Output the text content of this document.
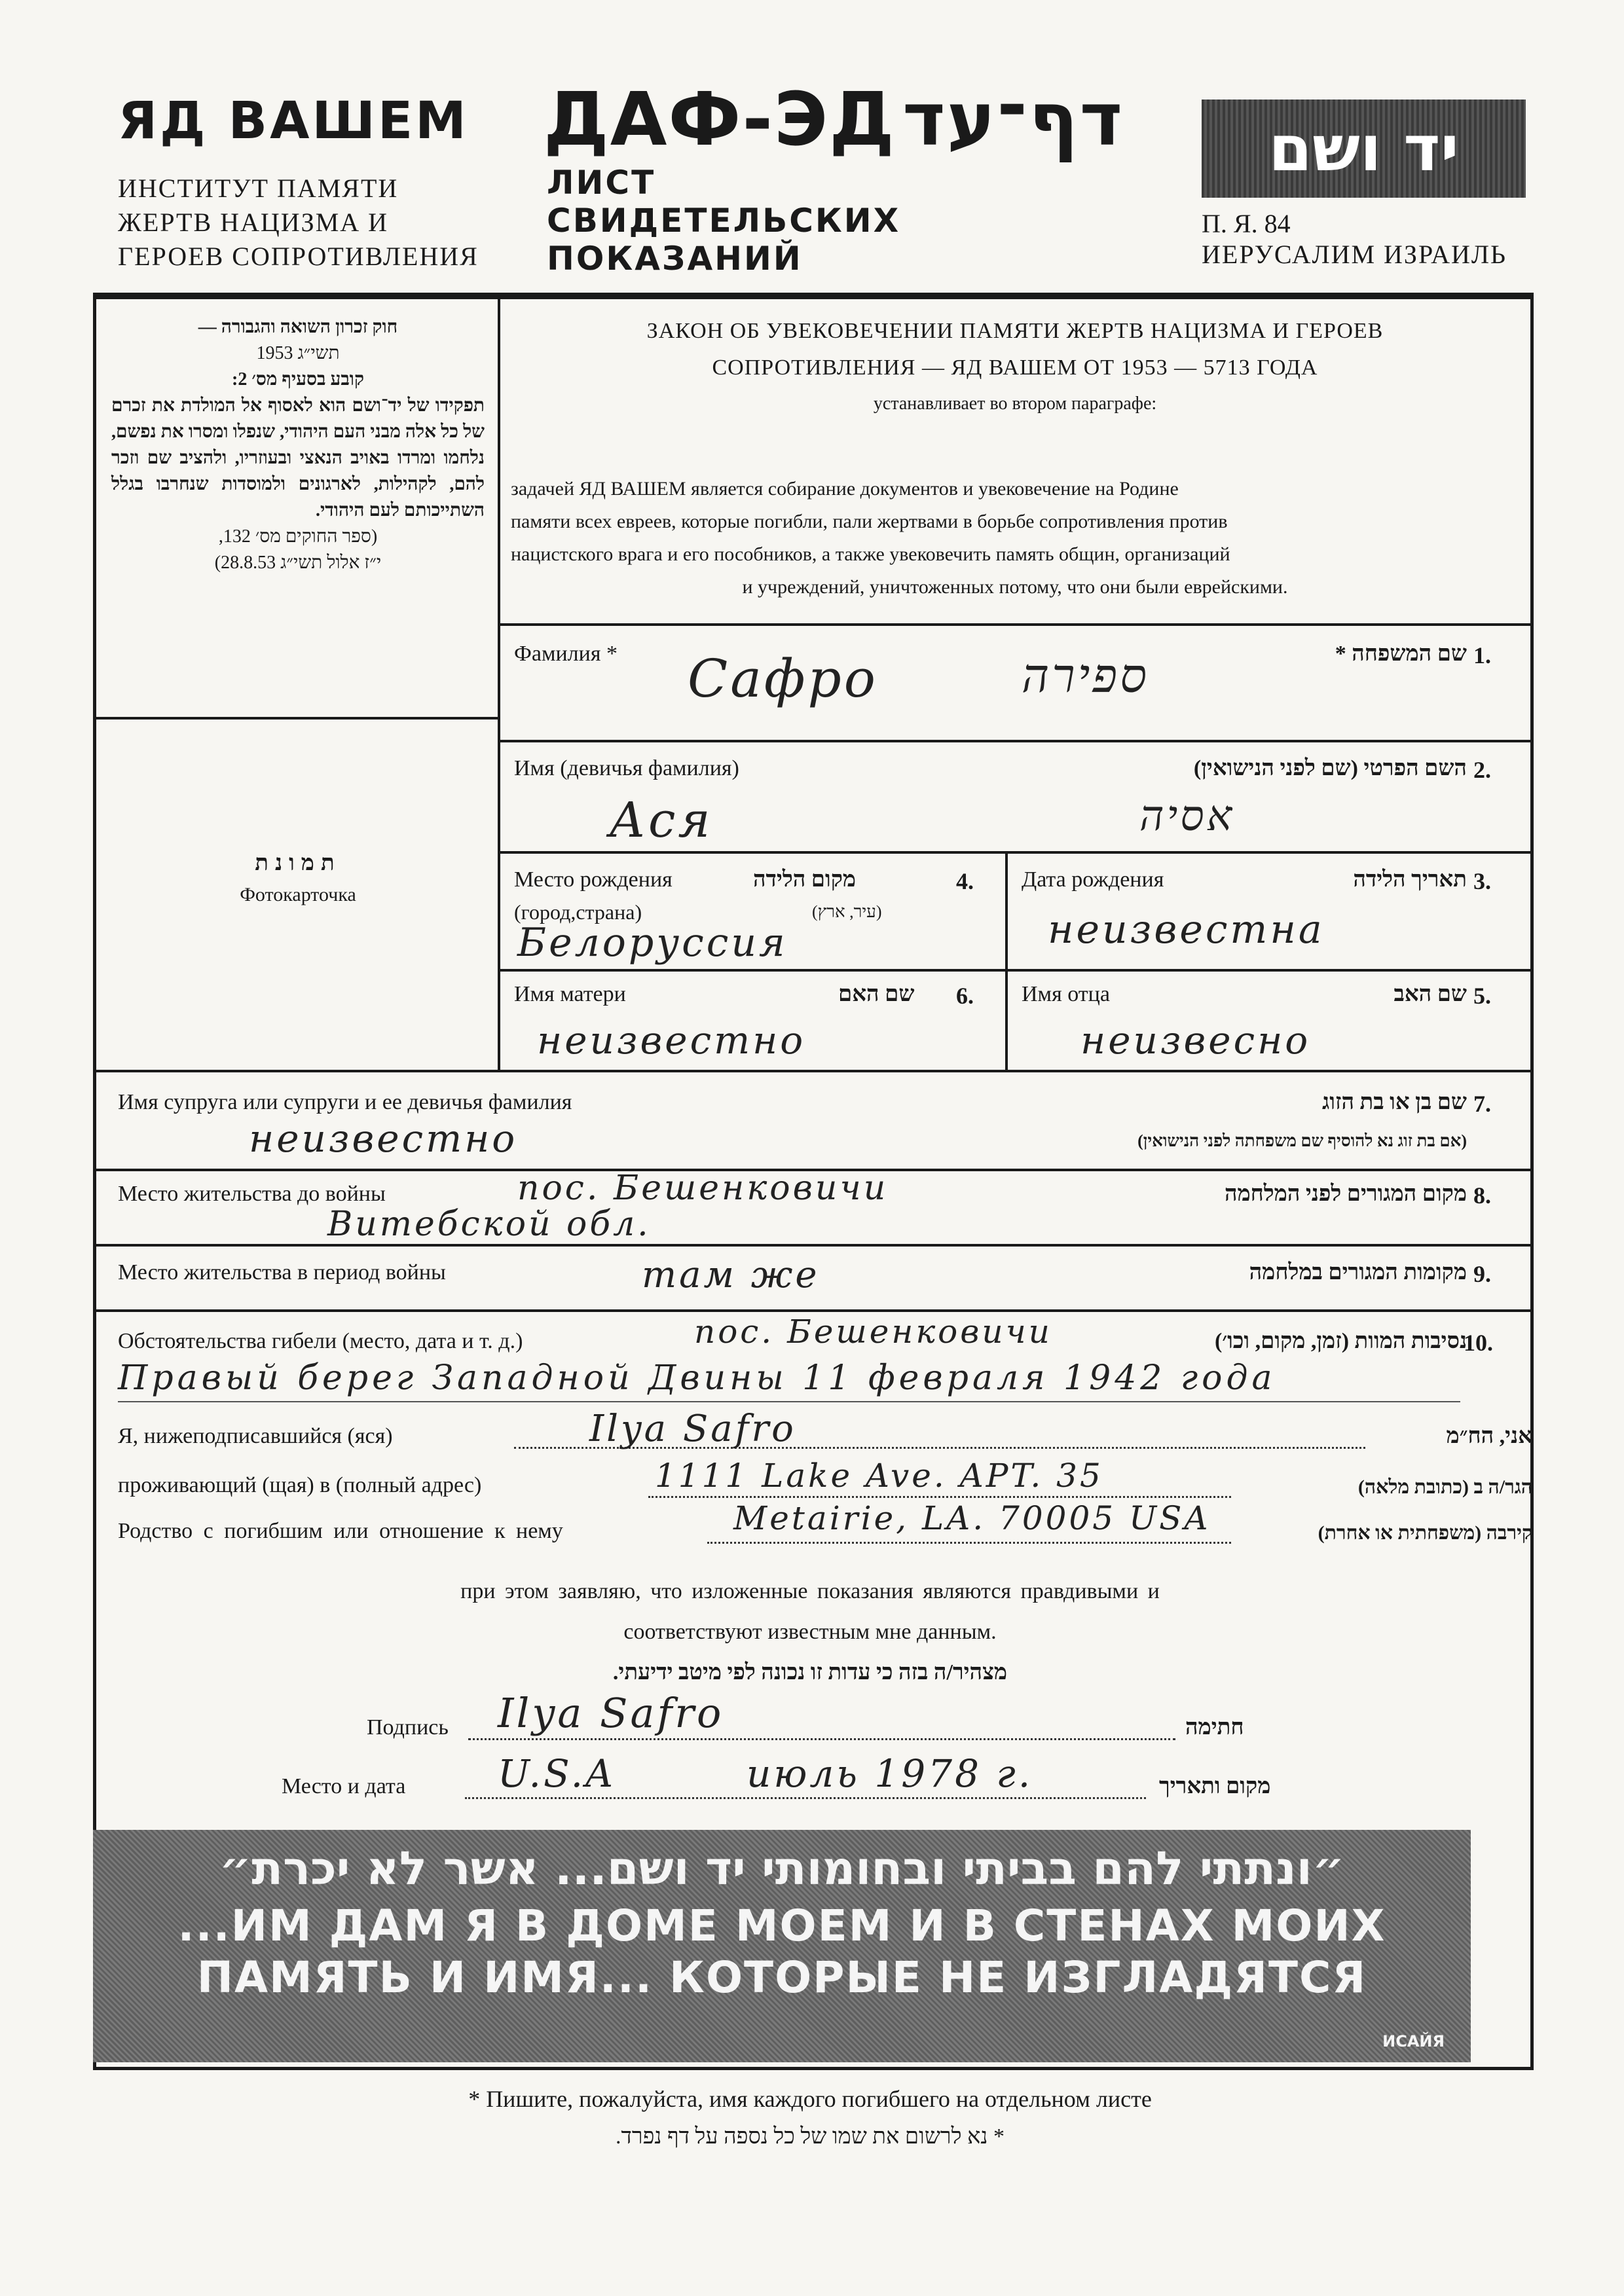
ЯД ВАШЕМ
ИНСТИТУТ ПАМЯТИ
ЖЕРТВ НАЦИЗМА И
ГЕРОЕВ СОПРОТИВЛЕНИЯ
ДАФ-ЭДדף־עד
ЛИСТ
СВИДЕТЕЛЬСКИХ
ПОКАЗАНИЙ
יד ושם
П. Я. 84
ИЕРУСАЛИМ ИЗРАИЛЬ
חוק זכרון השואה והגבורה —
תשי״ג 1953
קובע בסעיף מס׳ 2:
תפקידו של יד־ושם הוא לאסוף אל המולדת את זכרם של כל אלה מבני העם היהודי, שנפלו ומסרו את נפשם, נלחמו ומרדו באויב הנאצי ובעוזריו, ולהציב שם וזכר להם, לקהילות, לארגונים ולמוסדות שנחרבו בגלל השתייכותם לעם היהודי.
(ספר החוקים מס׳ 132,
י״ז אלול תשי״ג 28.8.53)
תמונת
Фотокарточка
ЗАКОН ОБ УВЕКОВЕЧЕНИИ ПАМЯТИ ЖЕРТВ НАЦИЗМА И ГЕРОЕВ
СОПРОТИВЛЕНИЯ — ЯД ВАШЕМ ОТ 1953 — 5713 ГОДА
устанавливает во втором параграфе:
задачей ЯД ВАШЕМ является собирание документов и увековечение на Родине
памяти всех евреев, которые погибли, пали жертвами в борьбе сопротивления против
нацистского врага и его пособников, а также увековечить память общин, организаций
и учреждений, уничтоженных потому, что они были еврейскими.
Фамилия *	שם המשפחה * 1.
Сафро	ספירה
Имя (девичья фамилия)	השם הפרטי (שם לפני הנישואין) 2.
Ася	אסיה
Место рождения
(город,страна)
מקום הלידה
(עיר, ארץ)
4.
Белоруссия
Дата рождения	תאריך הלידה 3.
неизвестна
Имя матери	שם האם 6.
неизвестно
Имя отца	שם האב 5.
неизвесно
Имя супруга или супруги и ее девичья фамилия	שם בן או בת הזוג
(אם בת זוג נא להוסיף שם משפחתה לפני הנישואין)
7.
неизвестно
Место жительства до войны	מקום המגורים לפני המלחמה 8.
пос. Бешенковичи
Витебской обл.
Место жительства в период войны	מקומות המגורים במלחמה 9.
там же
Обстоятельства гибели (место, дата и т. д.)	נסיבות המוות (זמן, מקום, וכו׳)
10.
пос. Бешенковичи
Правый берег Западной Двины 11 февраля 1942 года
Я, нижеподписавшийся (яся)	Ilya Safro	אני, הח״מ
проживающий (щая) в (полный адрес)	1111 Lake Ave. APT. 35	הגר/ה ב (כתובת מלאה)
Родство с погибшим или отношение к нему	Metairie, LA. 70005 USA	קירבה (משפחתית או אחרת)
при этом заявляю, что изложенные показания являются правдивыми и
соответствуют известным мне данным.
מצהיר/ה בזה כי עדות זו נכונה לפי מיטב ידיעתי.
Подпись Ilya Safro	חתימה
Место и дата U.S.A	июль 1978 г.	מקום ותאריך
״ונתתי להם בביתי ובחומותי יד ושם... אשר לא יכרת״
...ИМ ДАМ Я В ДОМЕ МОЕМ И В СТЕНАХ МОИХ
ПАМЯТЬ И ИМЯ... КОТОРЫЕ НЕ ИЗГЛАДЯТСЯ
ИСАЙЯ
* Пишите, пожалуйста, имя каждого погибшего на отдельном листе
* נא לרשום את שמו של כל נספה על דף נפרד.
